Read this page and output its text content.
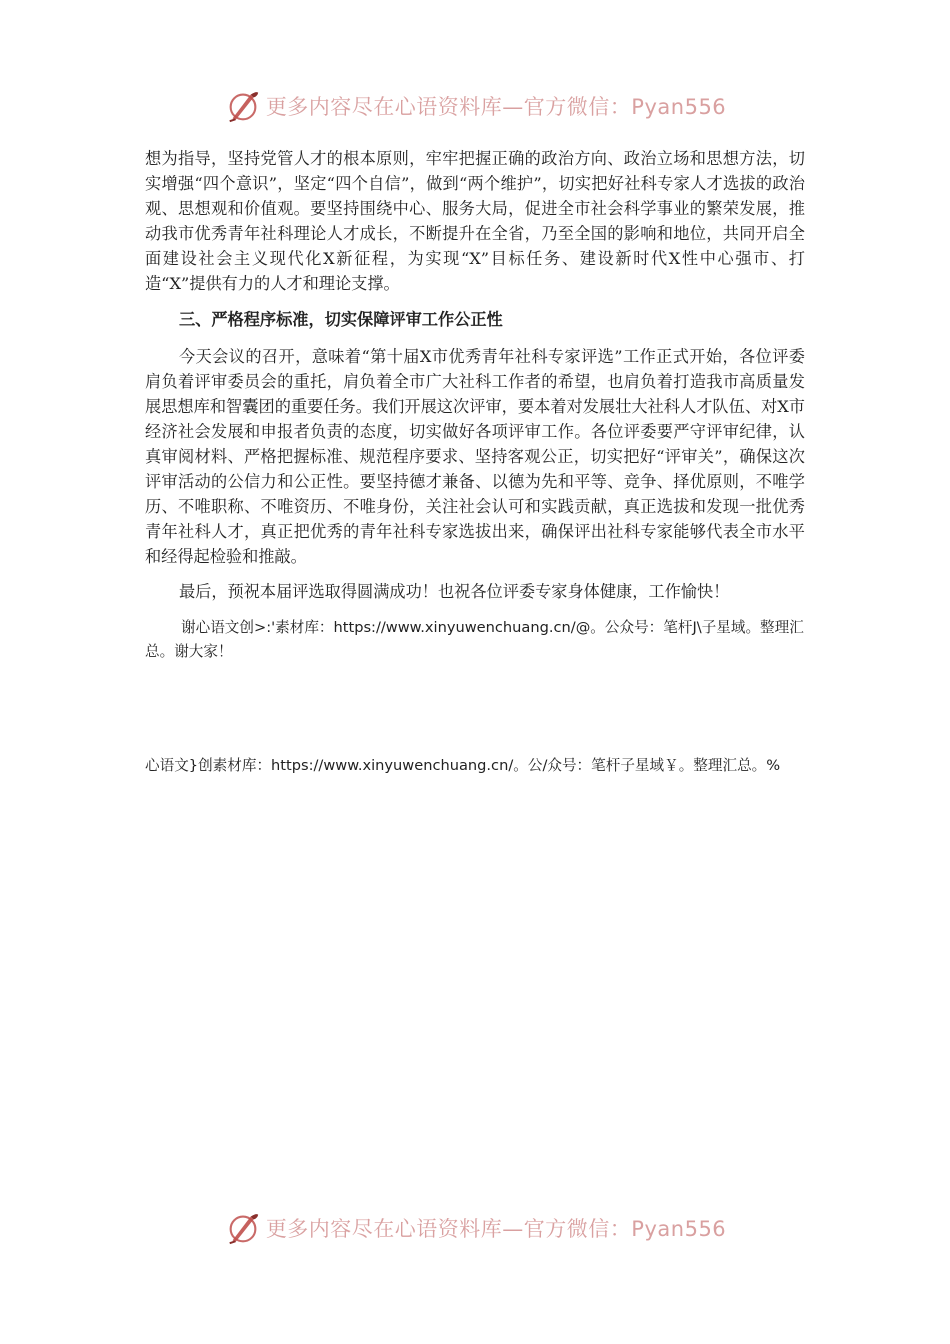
更多内容尽在心语资料库—官方微信：Pyan556

想为指导，坚持党管人才的根本原则，牢牢把握正确的政治方向、政治立场和思想方法，切实增强“四个意识”，坚定“四个自信”，做到“两个维护”，切实把好社科专家人才选拔的政治观、思想观和价值观。要坚持围绕中心、服务大局，促进全市社会科学事业的繁荣发展，推动我市优秀青年社科理论人才成长，不断提升在全省，乃至全国的影响和地位，共同开启全面建设社会主义现代化X新征程，为实现“X”目标任务、建设新时代X性中心强市、打造“X”提供有力的人才和理论支撑。

三、严格程序标准，切实保障评审工作公正性

今天会议的召开，意味着“第十届X市优秀青年社科专家评选”工作正式开始，各位评委肩负着评审委员会的重托，肩负着全市广大社科工作者的希望，也肩负着打造我市高质量发展思想库和智囊团的重要任务。我们开展这次评审，要本着对发展壮大社科人才队伍、对X市经济社会发展和申报者负责的态度，切实做好各项评审工作。各位评委要严守评审纪律，认真审阅材料、严格把握标准、规范程序要求、坚持客观公正，切实把好“评审关”，确保这次评审活动的公信力和公正性。要坚持德才兼备、以德为先和平等、竞争、择优原则，不唯学历、不唯职称、不唯资历、不唯身份，关注社会认可和实践贡献，真正选拔和发现一批优秀青年社科人才，真正把优秀的青年社科专家选拔出来，确保评出社科专家能够代表全市水平和经得起检验和推敲。

最后，预祝本届评选取得圆满成功！也祝各位评委专家身体健康，工作愉快！

谢心语文创>:'素材库：https://www.xinyuwenchuang.cn/@。公众号：笔杆J\子星域。整理汇总。谢大家！

心语文}创素材库：https://www.xinyuwenchuang.cn/。公/众号：笔杆子星域￥。整理汇总。%

更多内容尽在心语资料库—官方微信：Pyan556
